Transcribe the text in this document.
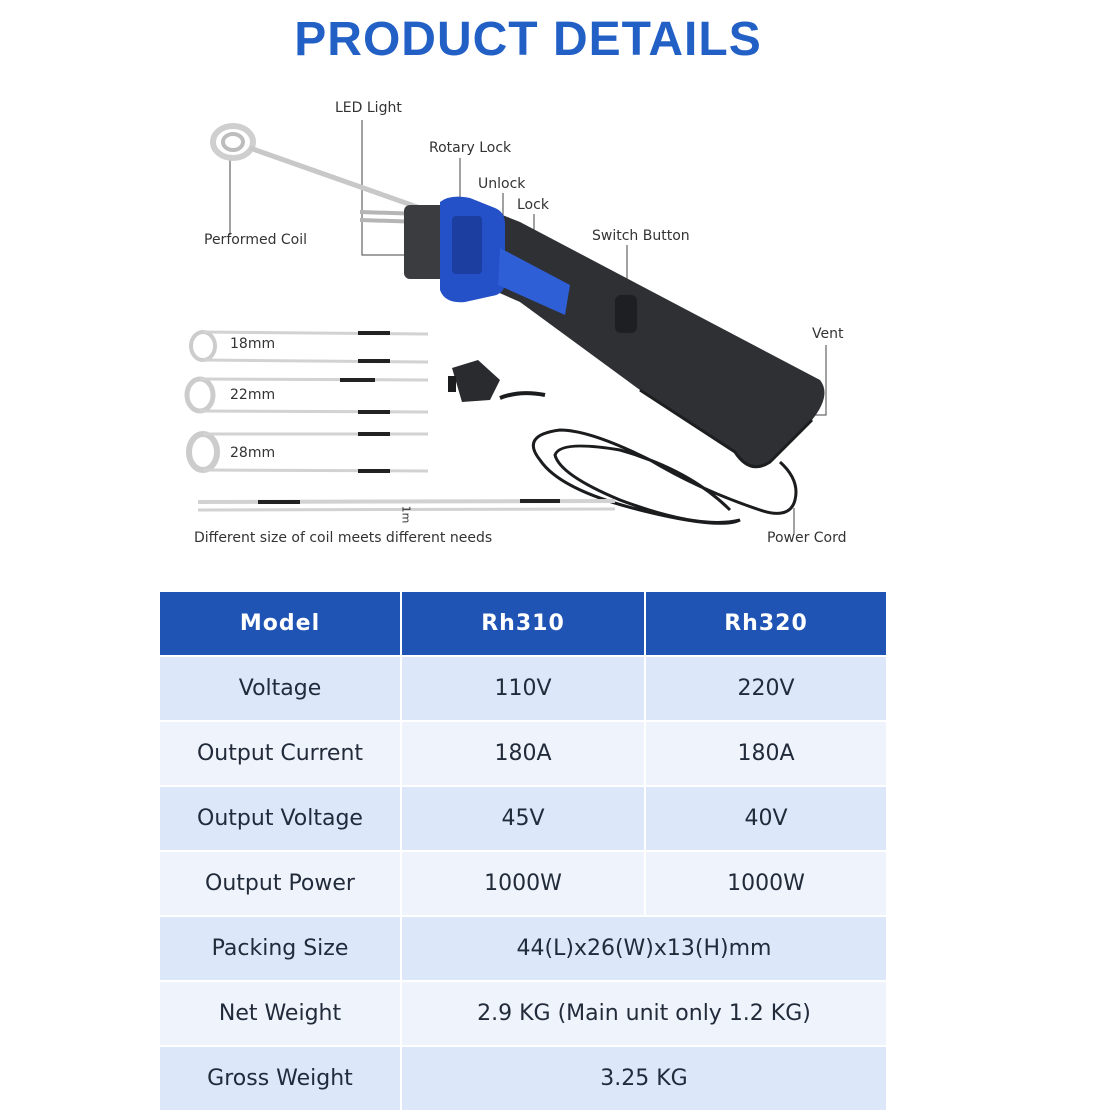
PRODUCT DETAILS
LED Light
Rotary Lock
Unlock
Lock
Switch Button
Performed Coil
Vent
18mm
22mm
28mm
1m
Different size of coil meets different needs	Power Cord
Model	Rh310	Rh320
Voltage	110V	220V
Output Current	180A	180A
Output Voltage	45V	40V
Output Power	1000W	1000W
Packing Size	44(L)x26(W)x13(H)mm	
Net Weight	2.9 KG (Main unit only 1.2 KG)	
Gross Weight	3.25 KG	
